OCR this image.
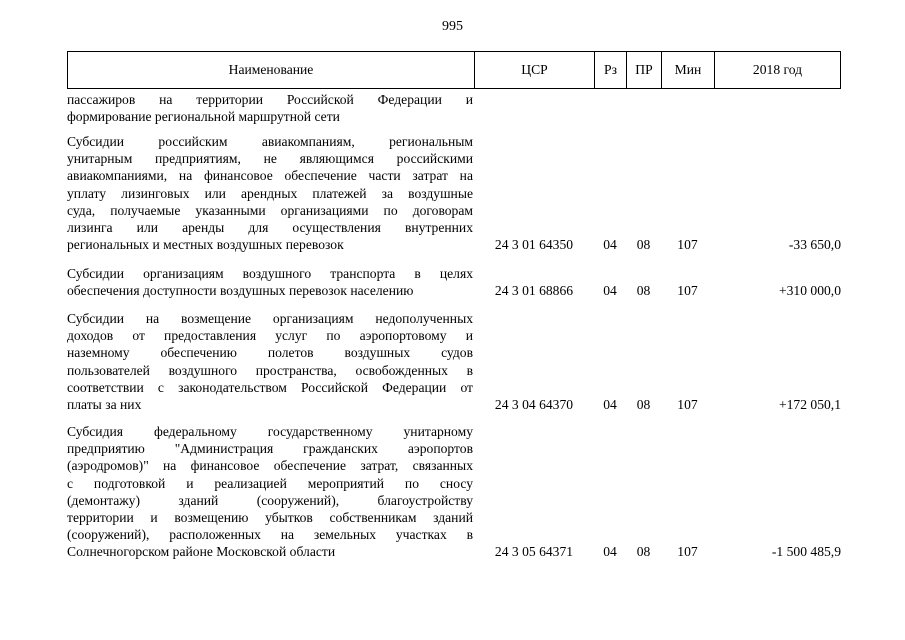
995
Наименование	ЦСР	Рз	ПР	Мин	2018 год
пассажиров на территории Российской Федерации и
формирование региональной маршрутной сети
Субсидии российским авиакомпаниям, региональным
унитарным предприятиям, не являющимся российскими
авиакомпаниями, на финансовое обеспечение части затрат на
уплату лизинговых или арендных платежей за воздушные
суда, получаемые указанными организациями по договорам
лизинга или аренды для осуществления внутренних
региональных и местных воздушных перевозок	24 3 01 64350	04	08	107	-33 650,0
Субсидии организациям воздушного транспорта в целях
обеспечения доступности воздушных перевозок населению	24 3 01 68866	04	08	107	+310 000,0
Субсидии на возмещение организациям недополученных
доходов от предоставления услуг по аэропортовому и
наземному обеспечению полетов воздушных судов
пользователей воздушного пространства, освобожденных в
соответствии с законодательством Российской Федерации от
платы за них	24 3 04 64370	04	08	107	+172 050,1
Субсидия федеральному государственному унитарному
предприятию "Администрация гражданских аэропортов
(аэродромов)" на финансовое обеспечение затрат, связанных
с подготовкой и реализацией мероприятий по сносу
(демонтажу) зданий (сооружений), благоустройству
территории и возмещению убытков собственникам зданий
(сооружений), расположенных на земельных участках в
Солнечногорском районе Московской области	24 3 05 64371	04	08	107	-1 500 485,9
